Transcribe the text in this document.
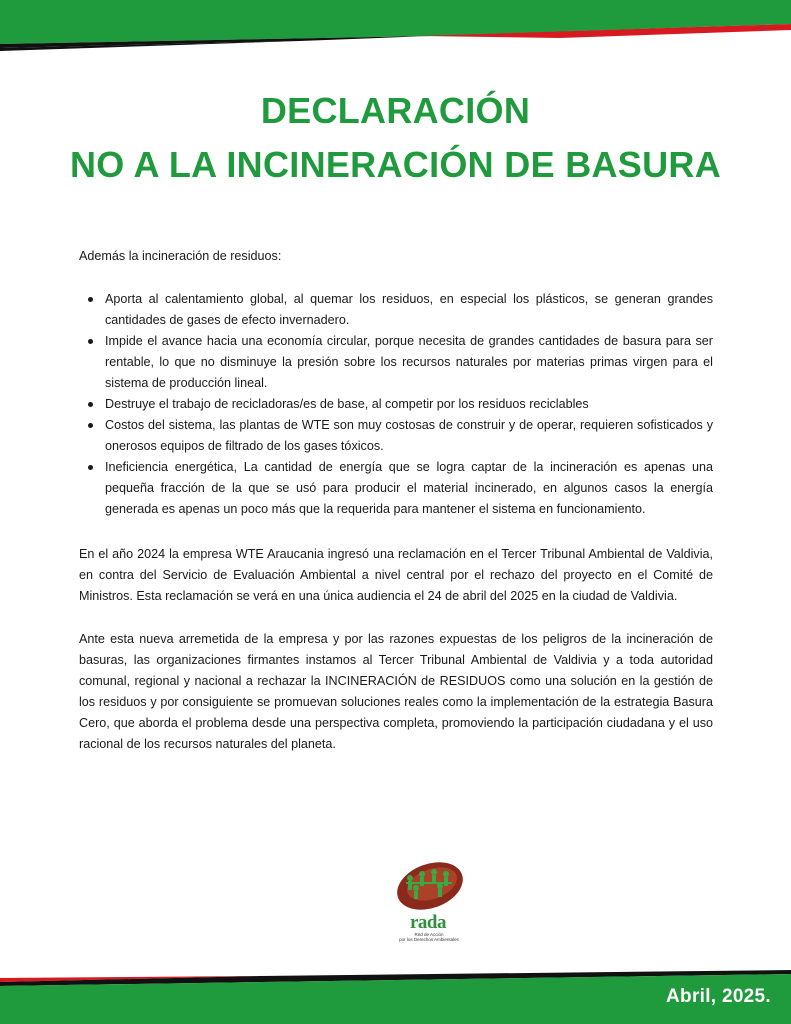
DECLARACIÓN
NO A LA INCINERACIÓN DE BASURA

Además la incineración de residuos:

Aporta al calentamiento global, al quemar los residuos, en especial los plásticos, se generan grandes cantidades de gases de efecto invernadero.
Impide el avance hacia una economía circular, porque necesita de grandes cantidades de basura para ser rentable, lo que no disminuye la presión sobre los recursos naturales por materias primas virgen para el sistema de producción lineal.
Destruye el trabajo de recicladoras/es de base, al competir por los residuos reciclables
Costos del sistema, las plantas de WTE son muy costosas de construir y de operar, requieren sofisticados y onerosos equipos de filtrado de los gases tóxicos.
Ineficiencia energética, La cantidad de energía que se logra captar de la incineración es apenas una pequeña fracción de la que se usó para producir el material incinerado, en algunos casos la energía generada es apenas un poco más que la requerida para mantener el sistema en funcionamiento.

En el año 2024 la empresa WTE Araucania ingresó una reclamación en el Tercer Tribunal Ambiental de Valdivia, en contra del Servicio de Evaluación Ambiental a nivel central por el rechazo del proyecto en el Comité de Ministros. Esta reclamación se verá en una única audiencia el 24 de abril del 2025 en la ciudad de Valdivia.

Ante esta nueva arremetida de la empresa y por las razones expuestas de los peligros de la incineración de basuras, las organizaciones firmantes instamos al Tercer Tribunal Ambiental de Valdivia y a toda autoridad comunal, regional y nacional a rechazar la INCINERACIÓN de RESIDUOS como una solución en la gestión de los residuos y por consiguiente se promuevan soluciones reales como la implementación de la estrategia Basura Cero, que aborda el problema desde una perspectiva completa, promoviendo la participación ciudadana y el uso racional de los recursos naturales del planeta.

rada
Red de Acción
por los Derechos Ambientales
Abril, 2025.
